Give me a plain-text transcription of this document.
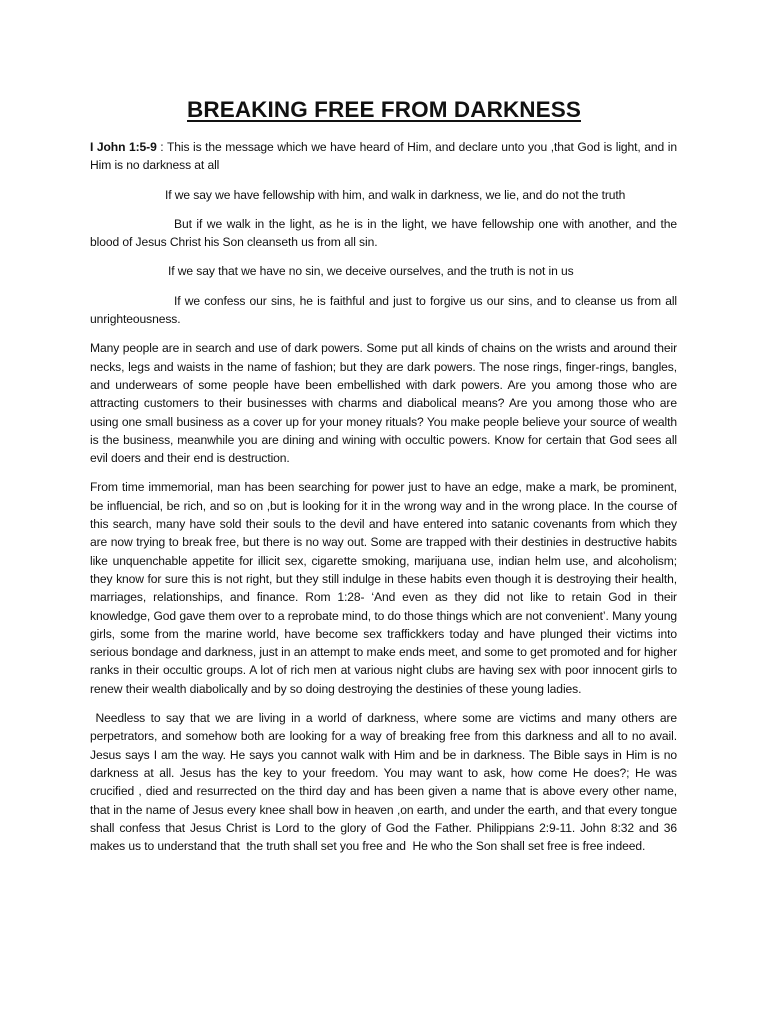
BREAKING FREE FROM DARKNESS

I John 1:5-9 : This is the message which we have heard of Him, and declare unto you ,that God is light, and in Him is no darkness at all

If we say we have fellowship with him, and walk in darkness, we lie, and do not the truth

But if we walk in the light, as he is in the light, we have fellowship one with another, and the blood of Jesus Christ his Son cleanseth us from all sin.

If we say that we have no sin, we deceive ourselves, and the truth is not in us

If we confess our sins, he is faithful and just to forgive us our sins, and to cleanse us from all unrighteousness.

Many people are in search and use of dark powers. Some put all kinds of chains on the wrists and around their necks, legs and waists in the name of fashion; but they are dark powers. The nose rings, finger-rings, bangles, and underwears of some people have been embellished with dark powers. Are you among those who are attracting customers to their businesses with charms and diabolical means? Are you among those who are using one small business as a cover up for your money rituals? You make people believe your source of wealth is the business, meanwhile you are dining and wining with occultic powers. Know for certain that God sees all evil doers and their end is destruction.

From time immemorial, man has been searching for power just to have an edge, make a mark, be prominent, be influencial, be rich, and so on ,but is looking for it in the wrong way and in the wrong place. In the course of this search, many have sold their souls to the devil and have entered into satanic covenants from which they are now trying to break free, but there is no way out. Some are trapped with their destinies in destructive habits like unquenchable appetite for illicit sex, cigarette smoking, marijuana use, indian helm use, and alcoholism; they know for sure this is not right, but they still indulge in these habits even though it is destroying their health, marriages, relationships, and finance. Rom 1:28- ‘And even as they did not like to retain God in their knowledge, God gave them over to a reprobate mind, to do those things which are not convenient’. Many young girls, some from the marine world, have become sex traffickkers today and have plunged their victims into serious bondage and darkness, just in an attempt to make ends meet, and some to get promoted and for higher ranks in their occultic groups. A lot of rich men at various night clubs are having sex with poor innocent girls to renew their wealth diabolically and by so doing destroying the destinies of these young ladies.

Needless to say that we are living in a world of darkness, where some are victims and many others are perpetrators, and somehow both are looking for a way of breaking free from this darkness and all to no avail. Jesus says I am the way. He says you cannot walk with Him and be in darkness. The Bible says in Him is no darkness at all. Jesus has the key to your freedom. You may want to ask, how come He does?; He was crucified , died and resurrected on the third day and has been given a name that is above every other name, that in the name of Jesus every knee shall bow in heaven ,on earth, and under the earth, and that every tongue shall confess that Jesus Christ is Lord to the glory of God the Father. Philippians 2:9-11. John 8:32 and 36 makes us to understand that  the truth shall set you free and  He who the Son shall set free is free indeed.
